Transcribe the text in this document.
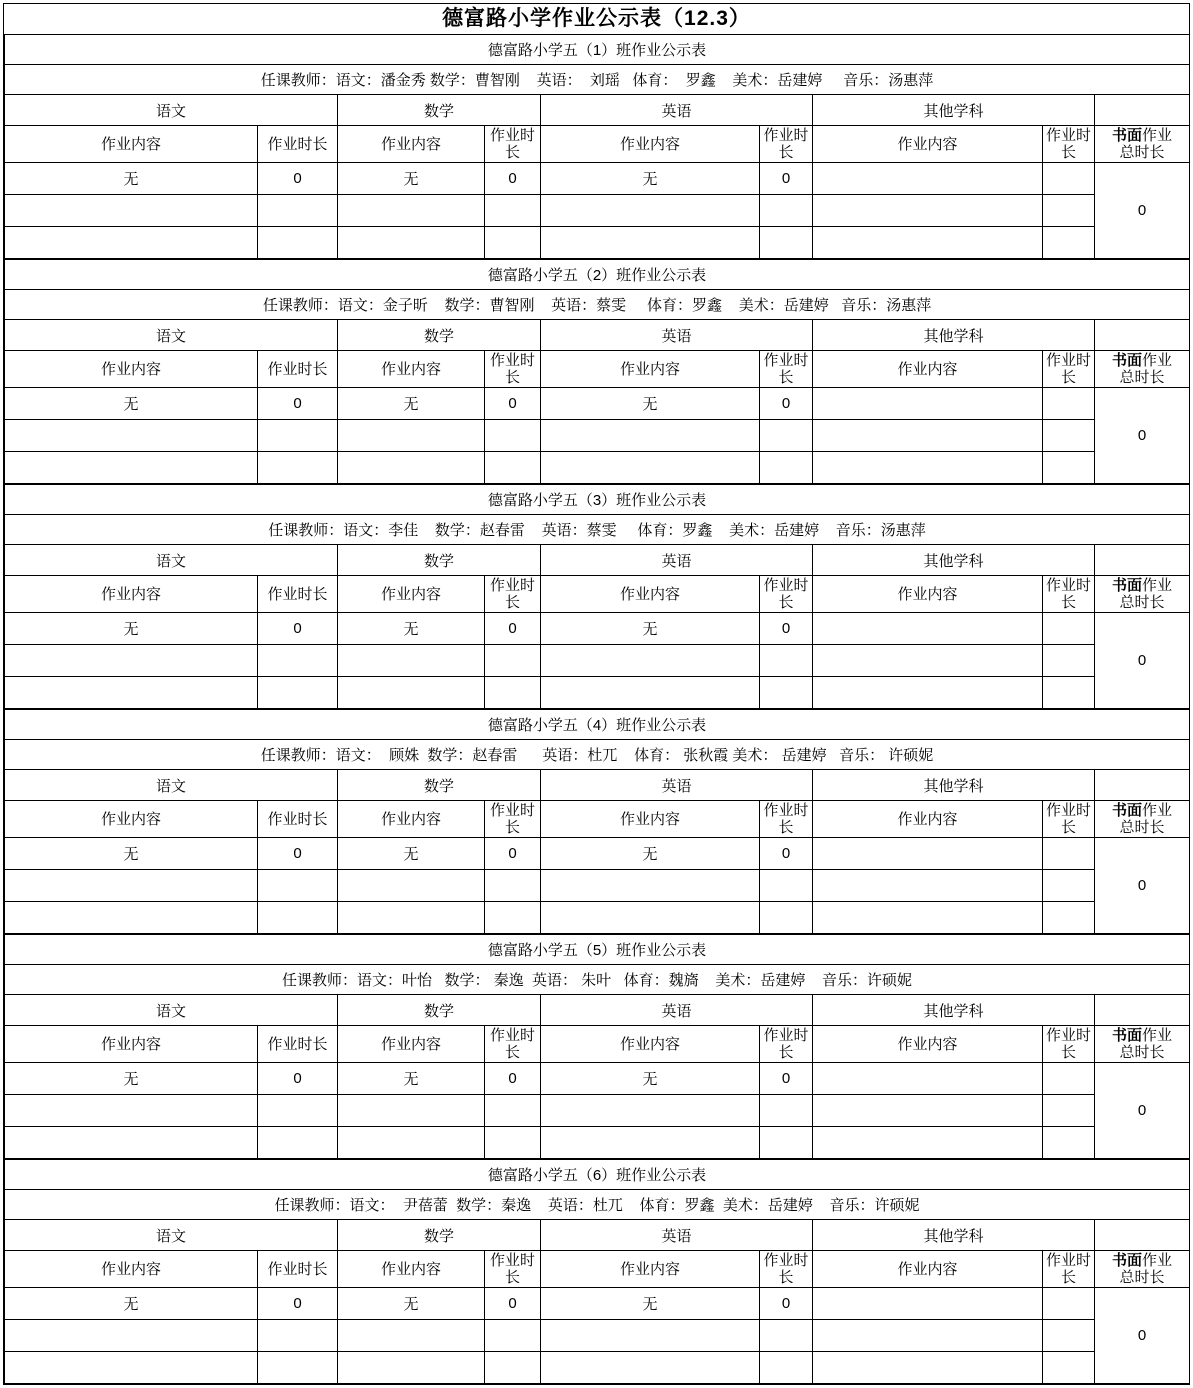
德富路小学作业公示表（12.3）
德富路小学五（1）班作业公示表								
任课教师：语文：潘金秀 数学：曹智刚    英语：  刘瑶   体育：  罗鑫    美术：岳建婷     音乐：汤惠萍								
语文		数学		英语		其他学科		
作业内容	作业时长	作业内容	作业时长	作业内容	作业时长	作业内容	作业时长	书面作业
总时长
无	0	无	0	无	0			0

德富路小学五（2）班作业公示表								
任课教师：语文：金子昕    数学：曹智刚    英语：蔡雯     体育：罗鑫    美术：岳建婷   音乐：汤惠萍								
语文		数学		英语		其他学科		
作业内容	作业时长	作业内容	作业时长	作业内容	作业时长	作业内容	作业时长	书面作业
总时长
无	0	无	0	无	0			0

德富路小学五（3）班作业公示表								
任课教师：语文：李佳    数学：赵春雷    英语：蔡雯     体育：罗鑫    美术：岳建婷    音乐：汤惠萍								
语文		数学		英语		其他学科		
作业内容	作业时长	作业内容	作业时长	作业内容	作业时长	作业内容	作业时长	书面作业
总时长
无	0	无	0	无	0			0

德富路小学五（4）班作业公示表								
任课教师：语文：  顾姝  数学：赵春雷      英语：杜兀    体育： 张秋霞 美术： 岳建婷   音乐： 许硕妮								
语文		数学		英语		其他学科		
作业内容	作业时长	作业内容	作业时长	作业内容	作业时长	作业内容	作业时长	书面作业
总时长
无	0	无	0	无	0			0

德富路小学五（5）班作业公示表								
任课教师：语文：叶怡   数学： 秦逸  英语： 朱叶   体育：魏旖    美术：岳建婷    音乐：许硕妮								
语文		数学		英语		其他学科		
作业内容	作业时长	作业内容	作业时长	作业内容	作业时长	作业内容	作业时长	书面作业
总时长
无	0	无	0	无	0			0

德富路小学五（6）班作业公示表								
任课教师：语文：  尹蓓蕾  数学：秦逸    英语：杜兀    体育：罗鑫  美术：岳建婷    音乐：许硕妮								
语文		数学		英语		其他学科		
作业内容	作业时长	作业内容	作业时长	作业内容	作业时长	作业内容	作业时长	书面作业
总时长
无	0	无	0	无	0			0
